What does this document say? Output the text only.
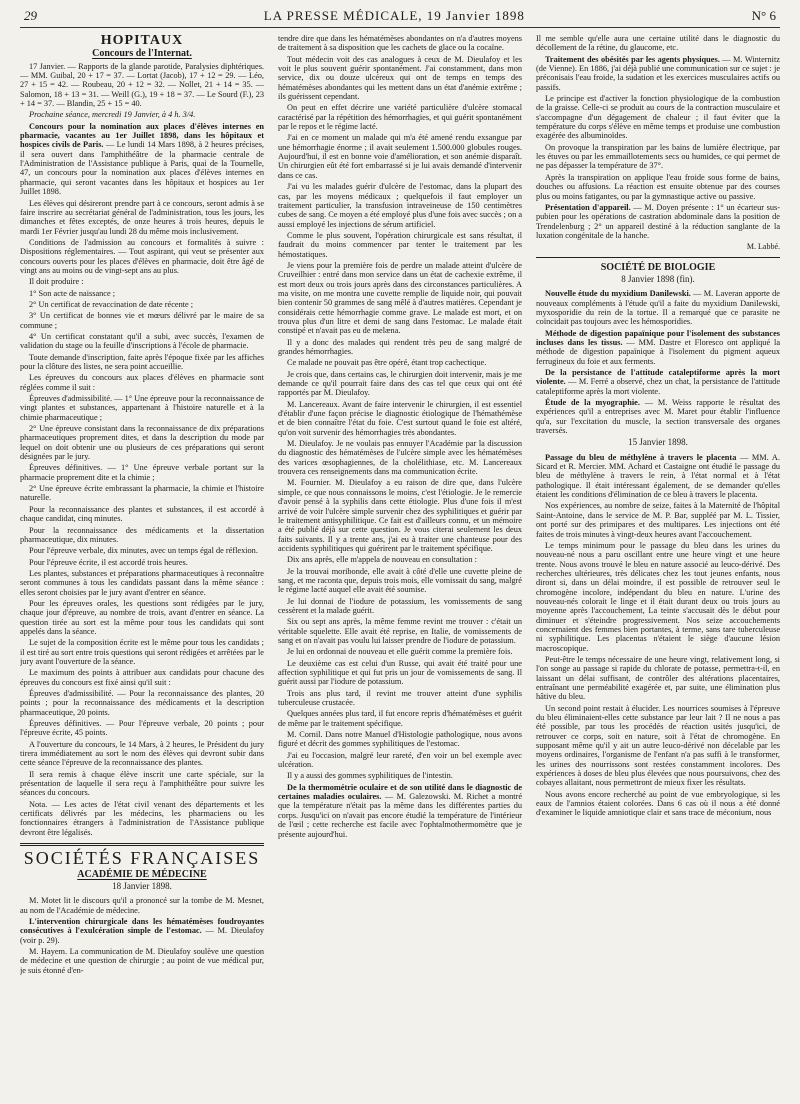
29	LA PRESSE MÉDICALE, 19 Janvier 1898	N° 6
HOPITAUX
Concours de l'Internat.

17 Janvier. — Rapports de la glande parotide, Paralysies diphtériques. — MM. Guibal, 20 + 17 = 37. — Lortat (Jacob), 17 + 12 = 29. — Léo, 27 + 15 = 42. — Roubeau, 20 + 12 = 32. — Nollet, 21 + 14 = 35. — Salomon, 18 + 13 = 31. — Weill (G.), 19 + 18 = 37. — Le Sourd (F.), 23 + 14 = 37. — Blandin, 25 + 15 = 40.

Prochaine séance, mercredi 19 Janvier, à 4 h. 3/4.

Concours pour la nomination aux places d'élèves internes en pharmacie, vacantes au 1er Juillet 1898, dans les hôpitaux et hospices civils de Paris. — Le lundi 14 Mars 1898, à 2 heures précises, il sera ouvert dans l'amphithéâtre de la pharmacie centrale de l'Administration de l'Assistance publique à Paris, quai de la Tournelle, 47, un concours pour la nomination aux places d'élèves internes en pharmacie, qui seront vacantes dans les hôpitaux et hospices au 1er Juillet 1898.

Les élèves qui désireront prendre part à ce concours, seront admis à se faire inscrire au secrétariat général de l'administration, tous les jours, les dimanches et fêtes exceptés, de onze heures à trois heures, depuis le mardi 1er Février jusqu'au lundi 28 du même mois inclusivement.

Conditions de l'admission au concours et formalités à suivre : Dispositions réglementaires. — Tout aspirant, qui veut se présenter aux concours ouverts pour les places d'élèves en pharmacie, doit être âgé de vingt ans au moins ou de vingt-sept ans au plus.

Il doit produire :

1° Son acte de naissance ;

2° Un certificat de revaccination de date récente ;

3° Un certificat de bonnes vie et mœurs délivré par le maire de sa commune ;

4° Un certificat constatant qu'il a subi, avec succès, l'examen de validation du stage ou la feuille d'inscriptions à l'école de pharmacie.

Toute demande d'inscription, faite après l'époque fixée par les affiches pour la clôture des listes, ne sera point accueillie.

Les épreuves du concours aux places d'élèves en pharmacie sont réglées comme il suit :

Épreuves d'admissibilité. — 1° Une épreuve pour la reconnaissance de vingt plantes et substances, appartenant à l'histoire naturelle et à la chimie pharmaceutique ;

2° Une épreuve consistant dans la reconnaissance de dix préparations pharmaceutiques proprement dites, et dans la description du mode par lequel on doit obtenir une ou plusieurs de ces préparations qui seront désignées par le jury.

Épreuves définitives. — 1° Une épreuve verbale portant sur la pharmacie proprement dite et la chimie ;

2° Une épreuve écrite embrassant la pharmacie, la chimie et l'histoire naturelle.

Pour la reconnaissance des plantes et substances, il est accordé à chaque candidat, cinq minutes.

Pour la reconnaissance des médicaments et la dissertation pharmaceutique, dix minutes.

Pour l'épreuve verbale, dix minutes, avec un temps égal de réflexion.

Pour l'épreuve écrite, il est accordé trois heures.

Les plantes, substances et préparations pharmaceutiques à reconnaître seront communes à tous les candidats passant dans la même séance : elles seront choisies par le jury avant d'entrer en séance.

Pour les épreuves orales, les questions sont rédigées par le jury, chaque jour d'épreuve, au nombre de trois, avant d'entrer en séance. La question tirée au sort est la même pour tous les candidats qui sont appelés dans la séance.

Le sujet de la composition écrite est le même pour tous les candidats ; il est tiré au sort entre trois questions qui seront rédigées et arrêtées par le jury avant l'ouverture de la séance.

Le maximum des points à attribuer aux candidats pour chacune des épreuves du concours est fixé ainsi qu'il suit :

Épreuves d'admissibilité. — Pour la reconnaissance des plantes, 20 points ; pour la reconnaissance des médicaments et la description pharmaceutique, 20 points.

Épreuves définitives. — Pour l'épreuve verbale, 20 points ; pour l'épreuve écrite, 45 points.

A l'ouverture du concours, le 14 Mars, à 2 heures, le Président du jury tirera immédiatement au sort le nom des élèves qui devront subir dans cette séance l'épreuve de la reconnaissance des plantes.

Il sera remis à chaque élève inscrit une carte spéciale, sur la présentation de laquelle il sera reçu à l'amphithéâtre pour suivre les séances du concours.

Nota. — Les actes de l'état civil venant des départements et les certificats délivrés par les médecins, les pharmaciens ou les fonctionnaires étrangers à l'administration de l'Assistance publique devront être légalisés.

SOCIÉTÉS FRANÇAISES
ACADÉMIE DE MÉDECINE
18 Janvier 1898.

M. Motet lit le discours qu'il a prononcé sur la tombe de M. Mesnet, au nom de l'Académie de médecine.

L'intervention chirurgicale dans les hématémèses foudroyantes consécutives à l'exulcération simple de l'estomac. — M. Dieulafoy (voir p. 29).

M. Hayem. La communication de M. Dieulafoy soulève une question de médecine et une question de chirurgie ; au point de vue médical pur, je suis étonné d'en-

tendre dire que dans les hématémèses abondantes on n'a d'autres moyens de traitement à sa disposition que les cachets de glace ou la cocaïne.

Tout médecin voit des cas analogues à ceux de M. Dieulafoy et les voit le plus souvent guérir spontanément. J'ai constamment, dans mon service, dix ou douze ulcéreux qui ont de temps en temps des hématémèses abondantes qui les mettent dans un état d'anémie extrême ; ils guérissent cependant.

On peut en effet décrire une variété particulière d'ulcère stomacal caractérisé par la répétition des hémorrhagies, et qui guérit spontanément par le repos et le régime lacté.

J'ai en ce moment un malade qui m'a été amené rendu exsangue par une hémorrhagie énorme ; il avait seulement 1.500.000 globules rouges. Aujourd'hui, il est en bonne voie d'amélioration, et son anémie disparaît. Un chirurgien eût été fort embarrassé si je lui avais demandé d'intervenir dans ce cas.

J'ai vu les malades guérir d'ulcère de l'estomac, dans la plupart des cas, par les moyens médicaux ; quelquefois il faut employer un traitement particulier, la transfusion intraveineuse de 150 centimètres cubes de sang. Ce moyen a été employé plus d'une fois avec succès ; on a aussi employé les injections de sérum artificiel.

Comme le plus souvent, l'opération chirurgicale est sans résultat, il faudrait du moins commencer par tenter le traitement par les hémostatiques.

Je viens pour la première fois de perdre un malade atteint d'ulcère de Cruveilhier : entré dans mon service dans un état de cachexie extrême, il est mort deux ou trois jours après dans des circonstances particulières. A ma visite, on me montra une cuvette remplie de liquide noir, qui pouvait bien contenir 50 grammes de sang mêlé à d'autres matières. Cependant je considérais cette hémorrhagie comme grave. Le malade est mort, et on trouva plus d'un litre et demi de sang dans l'estomac. Le malade était constipé et n'avait pas eu de melæna.

Il y a donc des malades qui rendent très peu de sang malgré de grandes hémorrhagies.

Ce malade ne pouvait pas être opéré, étant trop cachectique.

Je crois que, dans certains cas, le chirurgien doit intervenir, mais je me demande ce qu'il pourrait faire dans des cas tel que ceux qui ont été rapportés par M. Dieulafoy.

M. Lancereaux. Avant de faire intervenir le chirurgien, il est essentiel d'établir d'une façon précise le diagnostic étiologique de l'hémathémèse et de bien connaître l'état du foie. C'est surtout quand le foie est altéré, qu'on voit survenir des hémorrhagies très abondantes.

M. Dieulafoy. Je ne voulais pas ennuyer l'Académie par la discussion du diagnostic des hématémèses de l'ulcère simple avec les hématémèses des varices œsophagiennes, de la cholélithiase, etc. M. Lancereaux trouvera ces renseignements dans ma communication écrite.

M. Fournier. M. Dieulafoy a eu raison de dire que, dans l'ulcère simple, ce que nous connaissons le moins, c'est l'étiologie. Je le remercie d'avoir pensé à la syphilis dans cette étiologie. Plus d'une fois il m'est arrivé de voir l'ulcère simple survenir chez des syphilitiques et guérir par le traitement antisyphilitique. Ce fait est d'ailleurs connu, et un mémoire a été publié déjà sur cette question. Je vous citerai seulement les deux faits suivants. Il y a trente ans, j'ai eu à traiter une chanteuse pour des accidents syphilitiques qui guérirent par le traitement spécifique.

Dix ans après, elle m'appela de nouveau en consultation :

Je la trouvai moribonde, elle avait à côté d'elle une cuvette pleine de sang, et me raconta que, depuis trois mois, elle vomissait du sang, malgré le régime lacté auquel elle avait été soumise.

Je lui donnai de l'iodure de potassium, les vomissements de sang cessèrent et la malade guérit.

Six ou sept ans après, la même femme revint me trouver : c'était un véritable squelette. Elle avait été reprise, en Italie, de vomissements de sang et on n'avait pas voulu lui laisser prendre de l'iodure de potassium.

Je lui en ordonnai de nouveau et elle guérit comme la première fois.

Le deuxième cas est celui d'un Russe, qui avait été traité pour une affection syphilitique et qui fut pris un jour de vomissements de sang. Il guérit aussi par l'iodure de potassium.

Trois ans plus tard, il revint me trouver atteint d'une syphilis tuberculeuse crustacée.

Quelques années plus tard, il fut encore repris d'hématémèses et guérit de même par le traitement spécifique.

M. Cornil. Dans notre Manuel d'Histologie pathologique, nous avons figuré et décrit des gommes syphilitiques de l'estomac.

J'ai eu l'occasion, malgré leur rareté, d'en voir un bel exemple avec ulcération.

Il y a aussi des gommes syphilitiques de l'intestin.

De la thermométrie oculaire et de son utilité dans le diagnostic de certaines maladies oculaires. — M. Galezowski. M. Richet a montré que la température n'était pas la même dans les différentes parties du corps. Jusqu'ici on n'avait pas encore étudié la température de l'intérieur de l'œil ; cette recherche est facile avec l'ophtalmothermomètre que je présente aujourd'hui.

Il me semble qu'elle aura une certaine utilité dans le diagnostic du décollement de la rétine, du glaucome, etc.

Traitement des obésités par les agents physiques. — M. Winternitz (de Vienne). En 1886, j'ai déjà publié une communication sur ce sujet : je préconisais l'eau froide, la sudation et les exercices musculaires actifs ou passifs.

Le principe est d'activer la fonction physiologique de la combustion de la graisse. Celle-ci se produit au cours de la contraction musculaire et s'accompagne d'un dégagement de chaleur ; il faut éviter que la température du corps s'élève en même temps et produise une combustion exagérée des albuminoïdes.

On provoque la transpiration par les bains de lumière électrique, par les étuves ou par les emmaillotements secs ou humides, ce qui permet de ne pas dépasser la température de 37°.

Après la transpiration on applique l'eau froide sous forme de bains, douches ou affusions. La réaction est ensuite obtenue par des courses plus ou moins fatigantes, ou par la gymnastique active ou passive.

Présentation d'appareil. — M. Doyen présente : 1° un écarteur sus-pubien pour les opérations de castration abdominale dans la position de Trendelenburg ; 2° un appareil destiné à la réduction sanglante de la luxation congénitale de la hanche.

M. Labbé.
SOCIÉTÉ DE BIOLOGIE
8 Janvier 1898 (fin).

Nouvelle étude du myxidium Danilewski. — M. Laveran apporte de nouveaux compléments à l'étude qu'il a faite du myxidium Danilewski, myxosporidie du rein de la tortue. Il a remarqué que ce parasite ne coïncidait pas toujours avec les hémosporidies.

Méthode de digestion papaïnique pour l'isolement des substances incluses dans les tissus. — MM. Dastre et Floresco ont appliqué la méthode de digestion papaïnique à l'isolement du pigment aqueux ferrugineux du foie et aux ferments.

De la persistance de l'attitude cataleptiforme après la mort violente. — M. Ferré a observé, chez un chat, la persistance de l'attitude cataleptiforme après la mort violente.

Étude de la myographie. — M. Weiss rapporte le résultat des expériences qu'il a entreprises avec M. Maret pour établir l'influence qu'a, sur l'excitation du muscle, la section transversale des organes traversés.

15 Janvier 1898.

Passage du bleu de méthylène à travers le placenta — MM. A. Sicard et R. Mercier. MM. Achard et Castaigne ont étudié le passage du bleu de méthylène à travers le rein, à l'état normal et à l'état pathologique. Il était intéressant également, de se demander qu'elles étaient les conditions d'élimination de ce bleu à travers le placenta.

Nos expériences, au nombre de seize, faites à la Maternité de l'hôpital Saint-Antoine, dans le service de M. P. Bar, suppléé par M. L. Tissier, ont porté sur des primipares et des multipares. Les injections ont été faites de trois minutes à vingt-deux heures avant l'accouchement.

Le temps minimum pour le passage du bleu dans les urines du nouveau-né nous a paru oscillant entre une heure vingt et une heure trente. Nous avons trouvé le bleu en nature associé au leuco-dérivé. Des recherches ultérieures, très délicates chez les tout jeunes enfants, nous diront si, dans un délai moindre, il est possible de retrouver seul le chromogène incolore, indépendant du bleu en nature. L'urine des nouveau-nés colorait le linge et il était durant deux ou trois jours au moyenne après l'accouchement, La teinte s'accusait dès le début pour diminuer et s'éteindre progressivement. Nos seize accouchements concernaient des femmes bien portantes, à terme, sans tare tuberculeuse ni syphilitique. Les placentas n'étaient le siège d'aucune lésion macroscopique.

Peut-être le temps nécessaire de une heure vingt, relativement long, si l'on songe au passage si rapide du chlorate de potasse, permettra-t-il, en laissant un délai suffisant, de contrôler des altérations placentaires, entraînant une perméabilité exagérée et, par suite, une élimination plus hâtive du bleu.

Un second point restait à élucider. Les nourrices soumises à l'épreuve du bleu éliminaient-elles cette substance par leur lait ? Il ne nous a pas été possible, par tous les procédés de réaction usités jusqu'ici, de retrouver ce corps, soit en nature, soit à l'état de chromogène. En supposant même qu'il y ait un autre leuco-dérivé non décelable par les moyens ordinaires, l'organisme de l'enfant n'a pas suffi à le transformer, les urines des nourrissons sont restées constamment incolores. Des expériences à doses de bleu plus élevées que nous poursuivons, chez des cobayes allaitant, nous permettront de mieux fixer les résultats.

Nous avons encore recherché au point de vue embryologique, si les eaux de l'amnios étaient colorées. Dans 6 cas où il nous a été donné d'examiner le liquide amniotique clair et sans trace de méconium, nous
